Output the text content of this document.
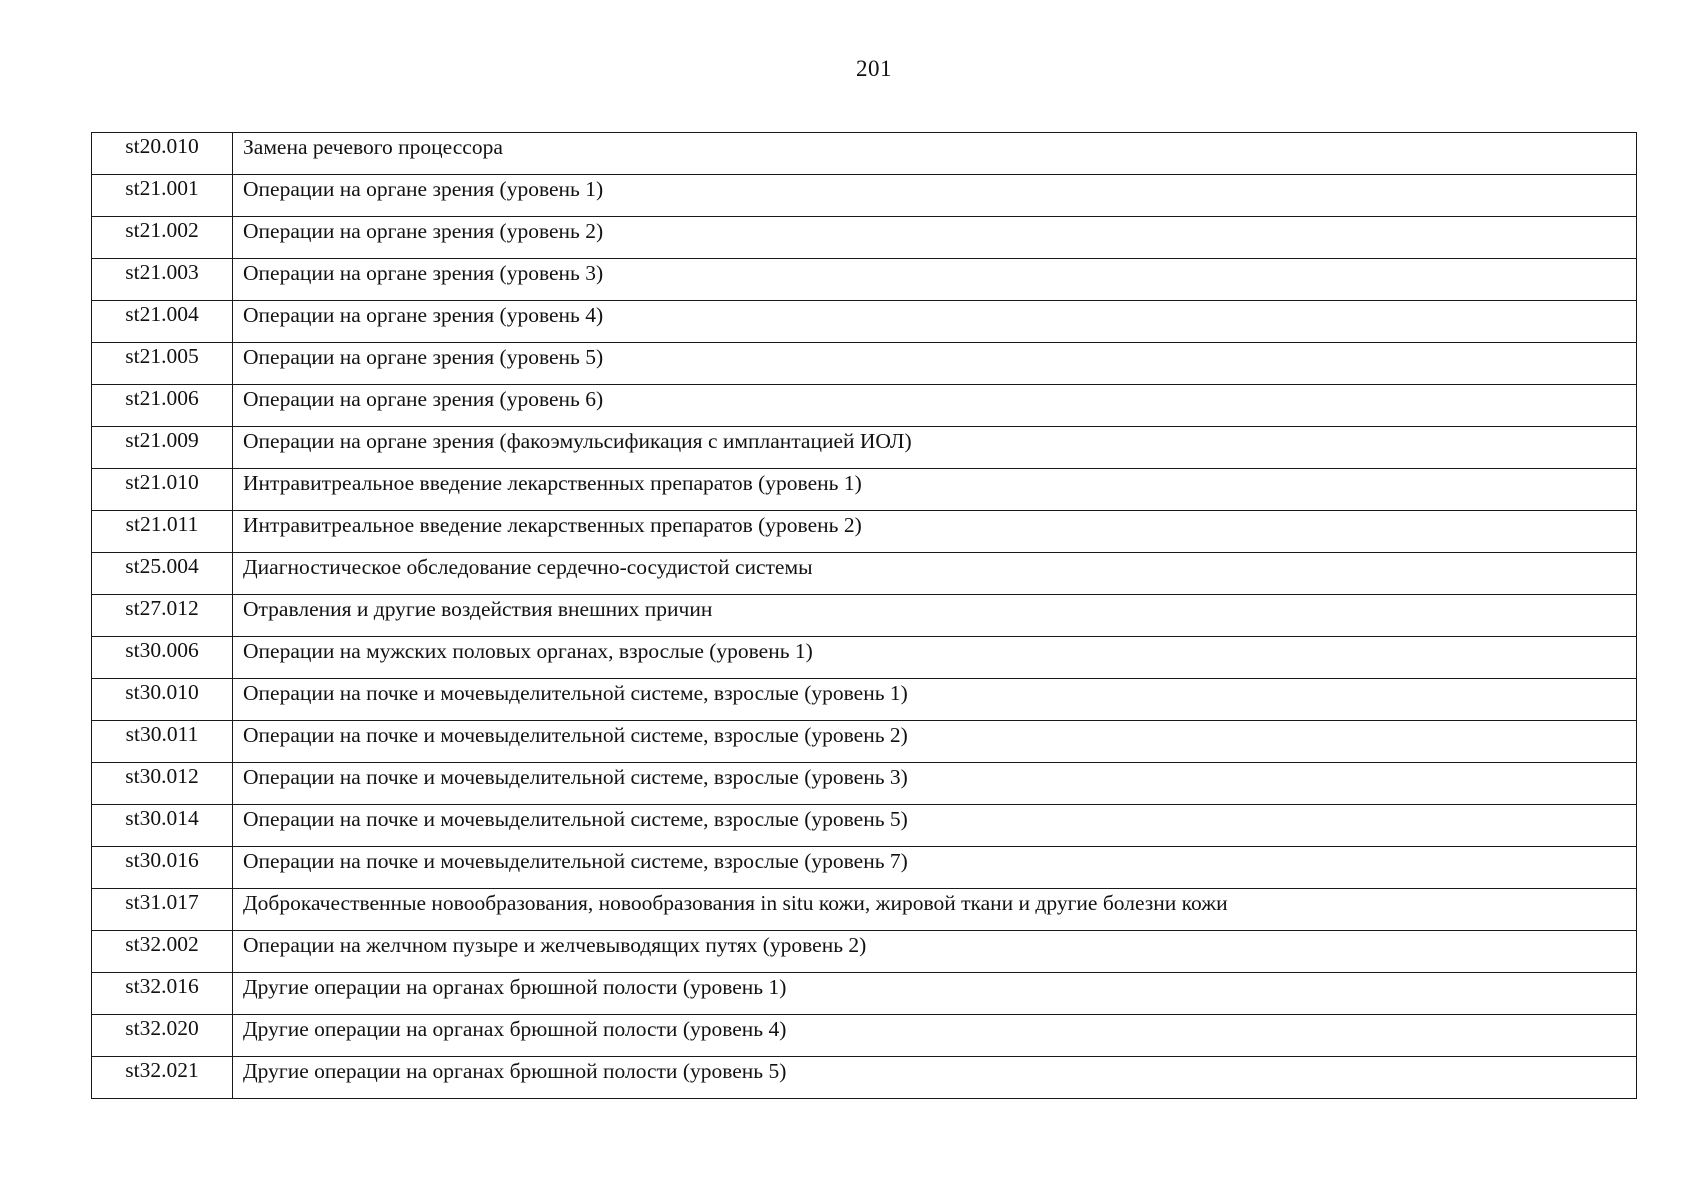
201
st20.010	Замена речевого процессора
st21.001	Операции на органе зрения (уровень 1)
st21.002	Операции на органе зрения (уровень 2)
st21.003	Операции на органе зрения (уровень 3)
st21.004	Операции на органе зрения (уровень 4)
st21.005	Операции на органе зрения (уровень 5)
st21.006	Операции на органе зрения (уровень 6)
st21.009	Операции на органе зрения (факоэмульсификация с имплантацией ИОЛ)
st21.010	Интравитреальное введение лекарственных препаратов (уровень 1)
st21.011	Интравитреальное введение лекарственных препаратов (уровень 2)
st25.004	Диагностическое обследование сердечно-сосудистой системы
st27.012	Отравления и другие воздействия внешних причин
st30.006	Операции на мужских половых органах, взрослые (уровень 1)
st30.010	Операции на почке и мочевыделительной системе, взрослые (уровень 1)
st30.011	Операции на почке и мочевыделительной системе, взрослые (уровень 2)
st30.012	Операции на почке и мочевыделительной системе, взрослые (уровень 3)
st30.014	Операции на почке и мочевыделительной системе, взрослые (уровень 5)
st30.016	Операции на почке и мочевыделительной системе, взрослые (уровень 7)
st31.017	Доброкачественные новообразования, новообразования in situ кожи, жировой ткани и другие болезни кожи
st32.002	Операции на желчном пузыре и желчевыводящих путях (уровень 2)
st32.016	Другие операции на органах брюшной полости (уровень 1)
st32.020	Другие операции на органах брюшной полости (уровень 4)
st32.021	Другие операции на органах брюшной полости (уровень 5)
